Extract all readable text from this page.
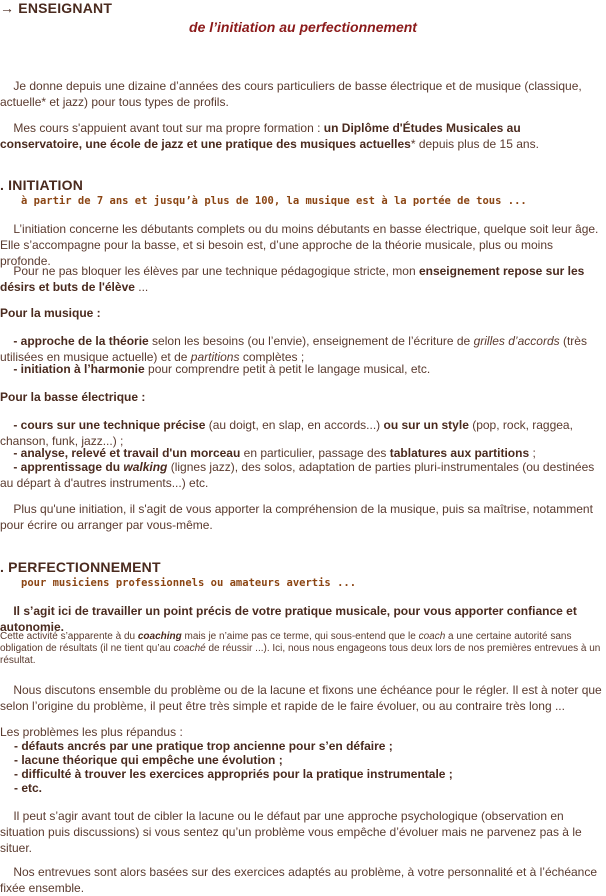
→ ENSEIGNANT
de l’initiation au perfectionnement
Je donne depuis une dizaine d’années des cours particuliers de basse électrique et de musique (classique, actuelle* et jazz) pour tous types de profils.
Mes cours s'appuient avant tout sur ma propre formation : un Diplôme d'Études Musicales au conservatoire, une école de jazz et une pratique des musiques actuelles* depuis plus de 15 ans.
. INITIATION
à partir de 7 ans et jusqu’à plus de 100, la musique est à la portée de tous ...
L’initiation concerne les débutants complets ou du moins débutants en basse électrique, quelque soit leur âge. Elle s’accompagne pour la basse, et si besoin est, d’une approche de la théorie musicale, plus ou moins profonde.
Pour ne pas bloquer les élèves par une technique pédagogique stricte, mon enseignement repose sur les désirs et buts de l'élève ...
Pour la musique :
- approche de la théorie selon les besoins (ou l’envie), enseignement de l’écriture de grilles d’accords (très utilisées en musique actuelle) et de partitions complètes ;
- initiation à l’harmonie pour comprendre petit à petit le langage musical, etc.
Pour la basse électrique :
- cours sur une technique précise (au doigt, en slap, en accords...) ou sur un style (pop, rock, raggea, chanson, funk, jazz...) ;
- analyse, relevé et travail d'un morceau en particulier, passage des tablatures aux partitions ;
- apprentissage du walking (lignes jazz), des solos, adaptation de parties pluri-instrumentales (ou destinées au départ à d'autres instruments...) etc.
Plus qu'une initiation, il s'agit de vous apporter la compréhension de la musique, puis sa maîtrise, notamment pour écrire ou arranger par vous-même.
. PERFECTIONNEMENT
pour musiciens professionnels ou amateurs avertis ...
Il s’agit ici de travailler un point précis de votre pratique musicale, pour vous apporter confiance et autonomie.
Cette activité s’apparente à du coaching mais je n’aime pas ce terme, qui sous-entend que le coach a une certaine autorité sans obligation de résultats (il ne tient qu’au coaché de réussir ...). Ici, nous nous engageons tous deux lors de nos premières entrevues à un résultat.
Nous discutons ensemble du problème ou de la lacune et fixons une échéance pour le régler. Il est à noter que selon l’origine du problème, il peut être très simple et rapide de le faire évoluer, ou au contraire très long ...
Les problèmes les plus répandus :
- défauts ancrés par une pratique trop ancienne pour s’en défaire ;
- lacune théorique qui empêche une évolution ;
- difficulté à trouver les exercices appropriés pour la pratique instrumentale ;
- etc.
Il peut s’agir avant tout de cibler la lacune ou le défaut par une approche psychologique (observation en situation puis discussions) si vous sentez qu’un problème vous empêche d’évoluer mais ne parvenez pas à le situer.
Nos entrevues sont alors basées sur des exercices adaptés au problème, à votre personnalité et à l’échéance fixée ensemble.
